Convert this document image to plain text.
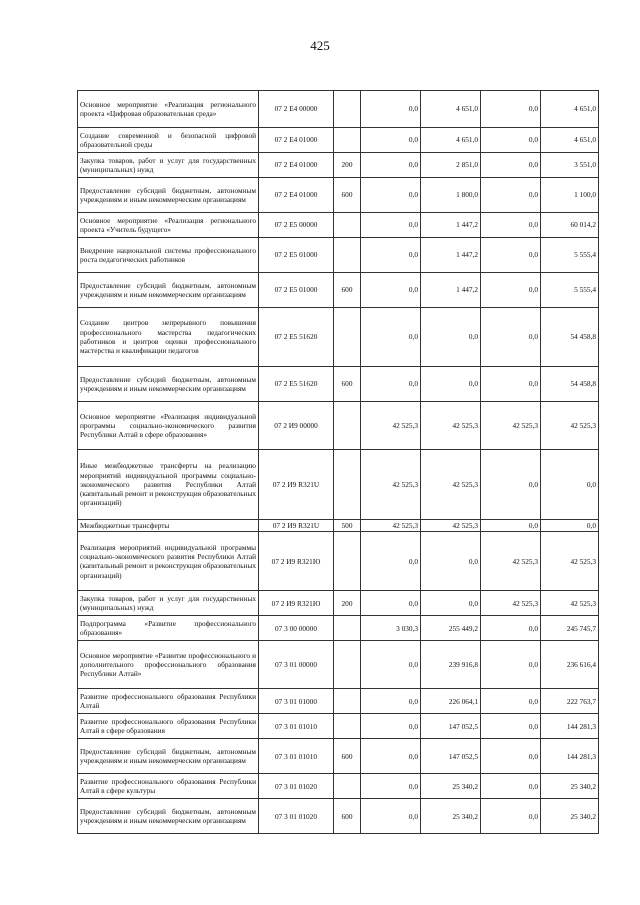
425
Основное мероприятие «Реализация регионального проекта «Цифровая образовательная среда»	07 2 E4 00000		0,0	4 651,0	0,0	4 651,0
Создание современной и безопасной цифровой образовательной среды	07 2 E4 01000		0,0	4 651,0	0,0	4 651,0
Закупка товаров, работ и услуг для государственных (муниципальных) нужд	07 2 E4 01000	200	0,0	2 851,0	0,0	3 551,0
Предоставление субсидий бюджетным, автономным учреждениям и иным некоммерческим организациям	07 2 E4 01000	600	0,0	1 800,0	0,0	1 100,0
Основное мероприятие «Реализация регионального проекта «Учитель будущего»	07 2 E5 00000		0,0	1 447,2	0,0	60 014,2
Внедрение национальной системы профессионального роста педагогических работников	07 2 E5 01000		0,0	1 447,2	0,0	5 555,4
Предоставление субсидий бюджетным, автономным учреждениям и иным некоммерческим организациям	07 2 E5 01000	600	0,0	1 447,2	0,0	5 555,4
Создание центров непрерывного повышения профессионального мастерства педагогических работников и центров оценки профессионального мастерства и квалификации педагогов	07 2 E5 51620		0,0	0,0	0,0	54 458,8
Предоставление субсидий бюджетным, автономным учреждениям и иным некоммерческим организациям	07 2 E5 51620	600	0,0	0,0	0,0	54 458,8
Основное мероприятие «Реализация индивидуальной программы социально-экономического развития Республики Алтай в сфере образования»	07 2 И9 00000		42 525,3	42 525,3	42 525,3	42 525,3
Иные межбюджетные трансферты на реализацию мероприятий индивидуальной программы социально-экономического развития Республики Алтай (капитальный ремонт и реконструкция образовательных организаций)	07 2 И9 R321U		42 525,3	42 525,3	0,0	0,0
Межбюджетные трансферты	07 2 И9 R321U	500	42 525,3	42 525,3	0,0	0,0
Реализация мероприятий индивидуальной программы социально-экономического развития Республики Алтай (капитальный ремонт и реконструкция образовательных организаций)	07 2 И9 R321Ю		0,0	0,0	42 525,3	42 525,3
Закупка товаров, работ и услуг для государственных (муниципальных) нужд	07 2 И9 R321Ю	200	0,0	0,0	42 525,3	42 525,3
Подпрограмма «Развитие профессионального образования»	07 3 00 00000		3 030,3	255 449,2	0,0	245 745,7
Основное мероприятие «Развитие профессионального и дополнительного профессионального образования Республики Алтай»	07 3 01 00000		0,0	239 916,8	0,0	236 616,4
Развитие профессионального образования Республики Алтай	07 3 01 01000		0,0	226 064,1	0,0	222 763,7
Развитие профессионального образования Республики Алтай в сфере образования	07 3 01 01010		0,0	147 052,5	0,0	144 281,3
Предоставление субсидий бюджетным, автономным учреждениям и иным некоммерческим организациям	07 3 01 01010	600	0,0	147 052,5	0,0	144 281,3
Развитие профессионального образования Республики Алтай в сфере культуры	07 3 01 01020		0,0	25 340,2	0,0	25 340,2
Предоставление субсидий бюджетным, автономным учреждениям и иным некоммерческим организациям	07 3 01 01020	600	0,0	25 340,2	0,0	25 340,2
